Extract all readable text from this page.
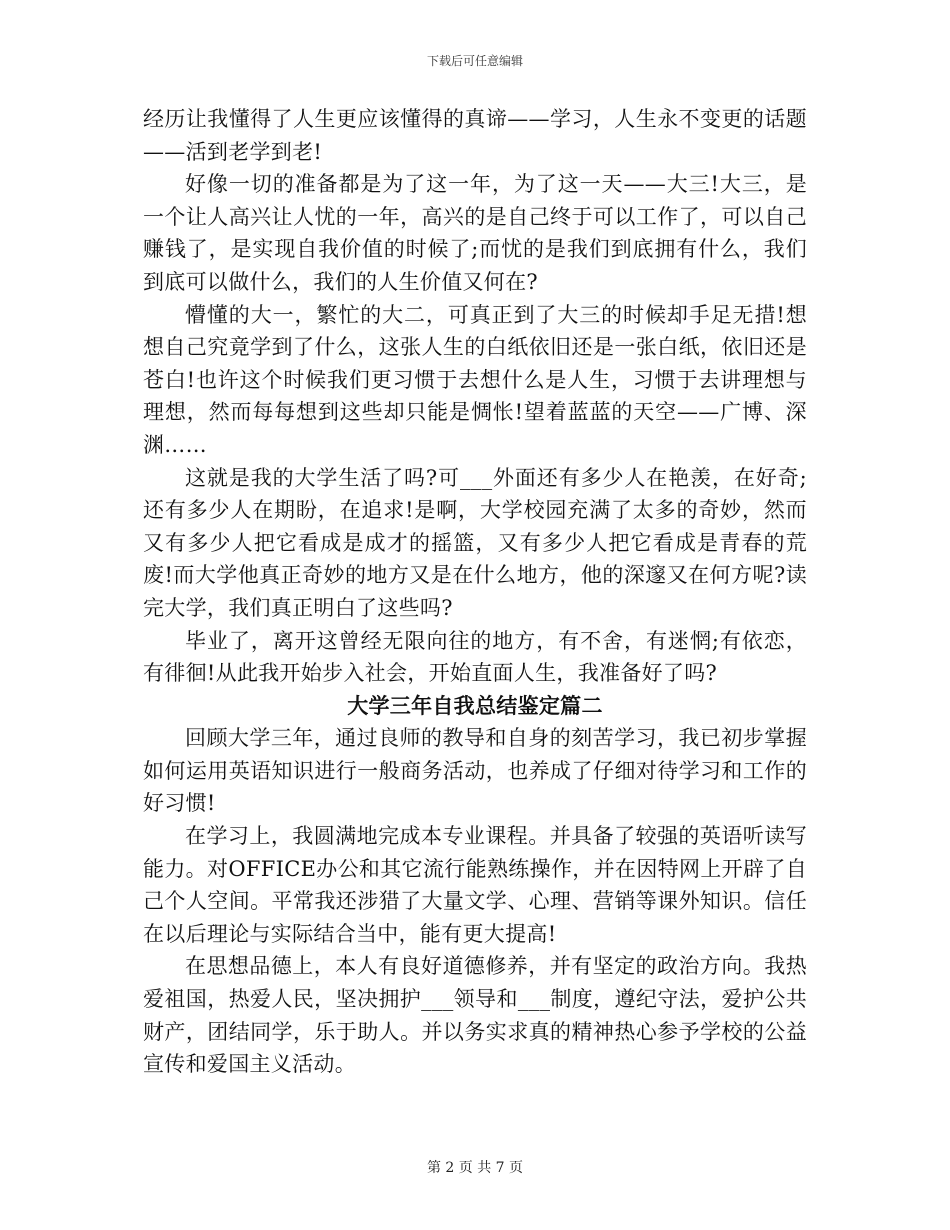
下载后可任意编辑

经历让我懂得了人生更应该懂得的真谛——学习，人生永不变更的话题——活到老学到老!

好像一切的准备都是为了这一年，为了这一天——大三!大三，是一个让人高兴让人忧的一年，高兴的是自己终于可以工作了，可以自己赚钱了，是实现自我价值的时候了;而忧的是我们到底拥有什么，我们到底可以做什么，我们的人生价值又何在?

懵懂的大一，繁忙的大二，可真正到了大三的时候却手足无措!想想自己究竟学到了什么，这张人生的白纸依旧还是一张白纸，依旧还是苍白!也许这个时候我们更习惯于去想什么是人生，习惯于去讲理想与理想，然而每每想到这些却只能是惆怅!望着蓝蓝的天空——广博、深渊……

这就是我的大学生活了吗?可___外面还有多少人在艳羡，在好奇;还有多少人在期盼，在追求!是啊，大学校园充满了太多的奇妙，然而又有多少人把它看成是成才的摇篮，又有多少人把它看成是青春的荒废!而大学他真正奇妙的地方又是在什么地方，他的深邃又在何方呢?读完大学，我们真正明白了这些吗?

毕业了，离开这曾经无限向往的地方，有不舍，有迷惘;有依恋，有徘徊!从此我开始步入社会，开始直面人生，我准备好了吗?

大学三年自我总结鉴定篇二

回顾大学三年，通过良师的教导和自身的刻苦学习，我已初步掌握如何运用英语知识进行一般商务活动，也养成了仔细对待学习和工作的好习惯!

在学习上，我圆满地完成本专业课程。并具备了较强的英语听读写能力。对OFFICE办公和其它流行能熟练操作，并在因特网上开辟了自己个人空间。平常我还涉猎了大量文学、心理、营销等课外知识。信任在以后理论与实际结合当中，能有更大提高!

在思想品德上，本人有良好道德修养，并有坚定的政治方向。我热爱祖国，热爱人民，坚决拥护___领导和___制度，遵纪守法，爱护公共财产，团结同学，乐于助人。并以务实求真的精神热心参予学校的公益宣传和爱国主义活动。

第 2 页 共 7 页
